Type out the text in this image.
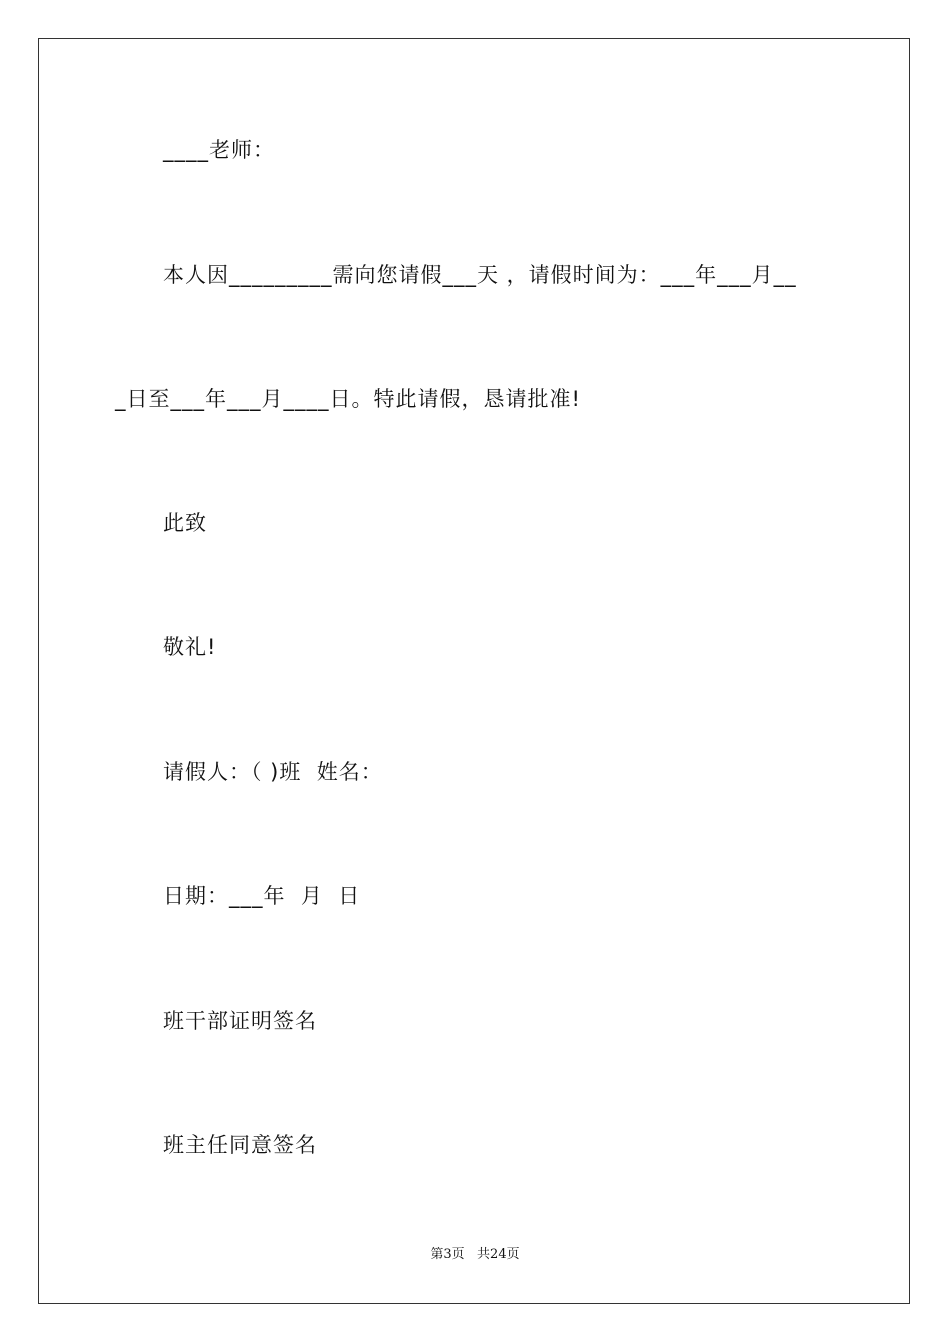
____老师：
本人因_________需向您请假___天 ，请假时间为：___年___月__
_日至___年___月____日。特此请假，恳请批准!
此致
敬礼!
请假人：（ )班  姓名：
日期：___年  月  日
班干部证明签名
班主任同意签名
第3页   共24页
